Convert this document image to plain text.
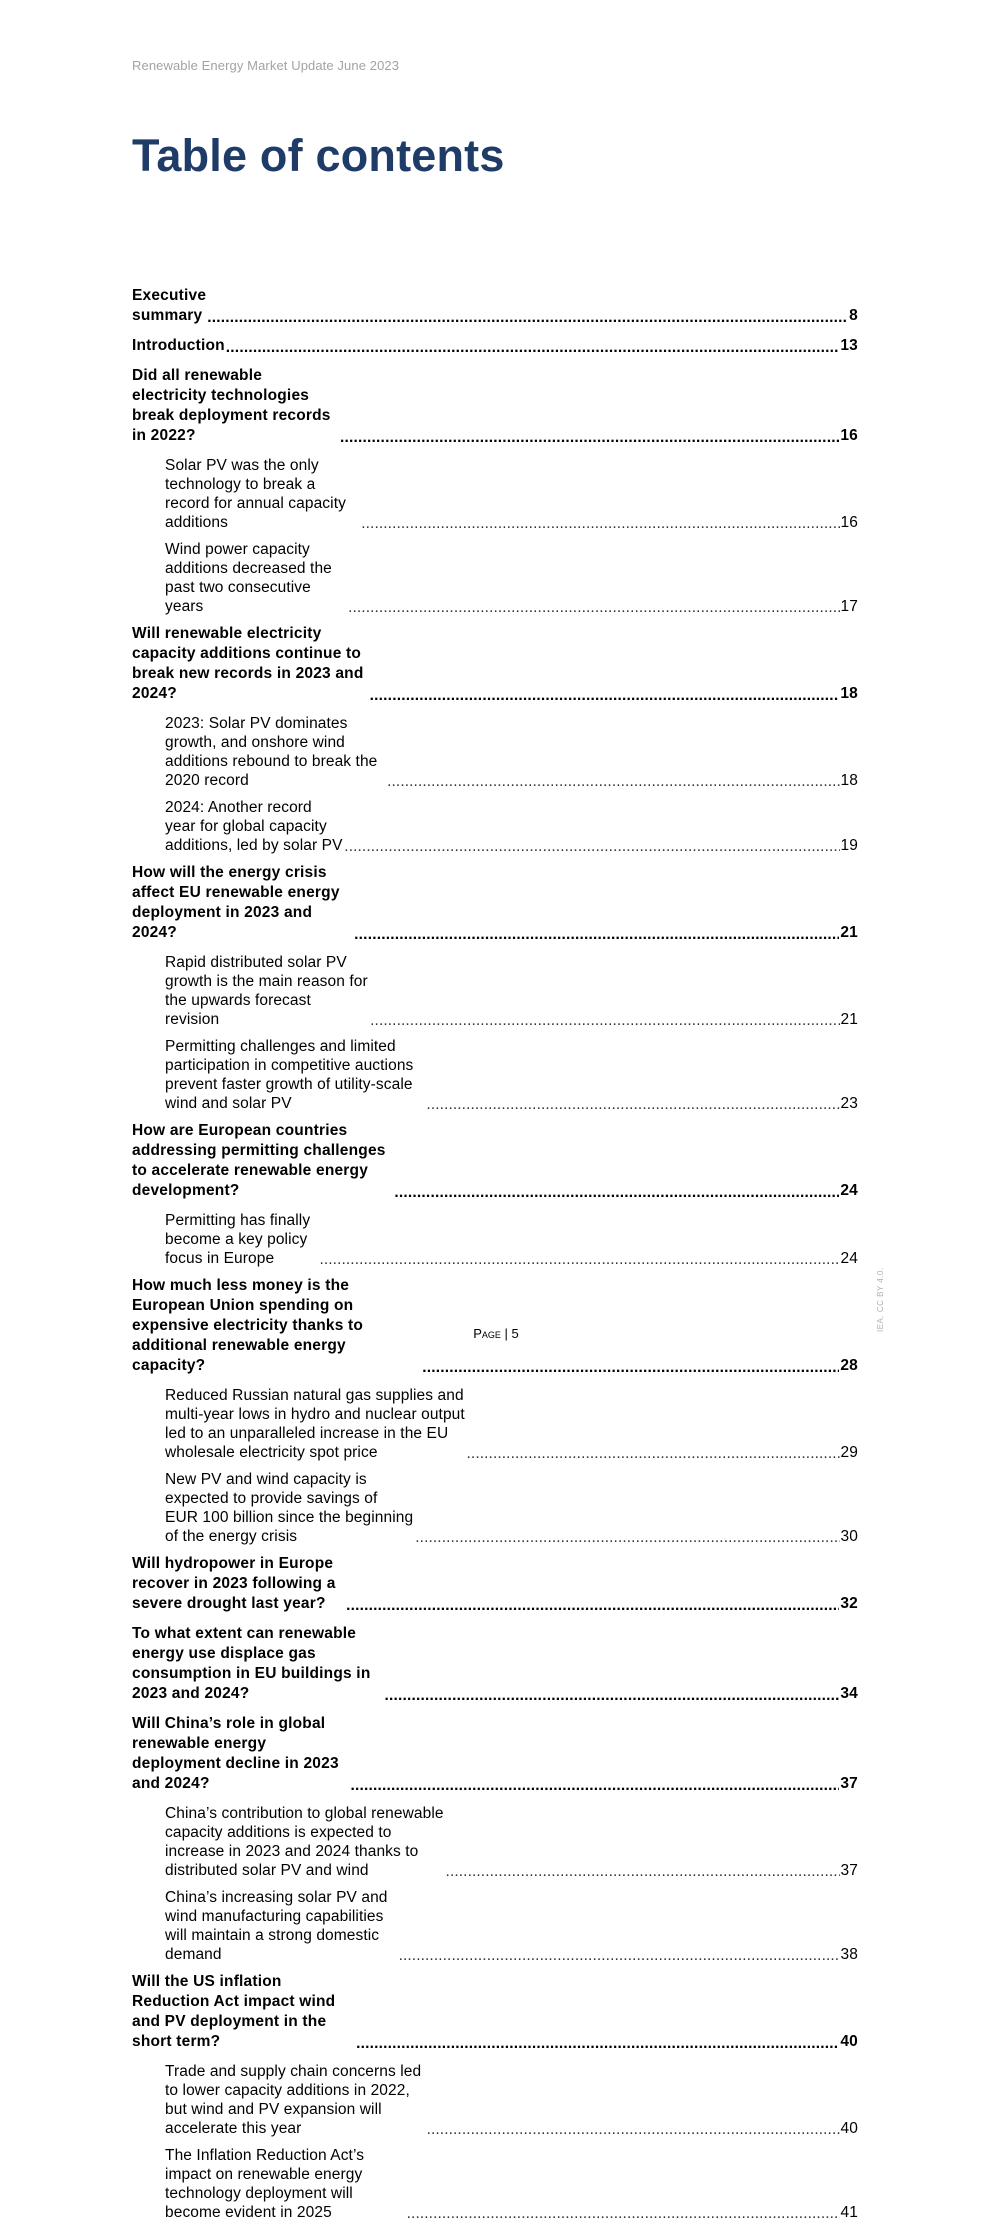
Renewable Energy Market Update June 2023
Table of contents
Executive summary .....	8
Introduction .....	13
Did all renewable electricity technologies break deployment records in 2022? .....	16
Solar PV was the only technology to break a record for annual capacity additions .....	16
Wind power capacity additions decreased the past two consecutive years .....	17
Will renewable electricity capacity additions continue to break new records in 2023 and 2024? .....	18
2023: Solar PV dominates growth, and onshore wind additions rebound to break the 2020 record .....	18
2024: Another record year for global capacity additions, led by solar PV .....	19
How will the energy crisis affect EU renewable energy deployment in 2023 and 2024? .....	21
Rapid distributed solar PV growth is the main reason for the upwards forecast revision .....	21
Permitting challenges and limited participation in competitive auctions prevent faster growth of utility-scale wind and solar PV .....	23
How are European countries addressing permitting challenges to accelerate renewable energy development? .....	24
Permitting has finally become a key policy focus in Europe .....	24
How much less money is the European Union spending on expensive electricity thanks to additional renewable energy capacity? .....	28
Reduced Russian natural gas supplies and multi-year lows in hydro and nuclear output led to an unparalleled increase in the EU wholesale electricity spot price .....	29
New PV and wind capacity is expected to provide savings of EUR 100 billion since the beginning of the energy crisis .....	30
Will hydropower in Europe recover in 2023 following a severe drought last year? .....	32
To what extent can renewable energy use displace gas consumption in EU buildings in 2023 and 2024? .....	34
Will China’s role in global renewable energy deployment decline in 2023 and 2024? .....	37
China’s contribution to global renewable capacity additions is expected to increase in 2023 and 2024 thanks to distributed solar PV and wind .....	37
China’s increasing solar PV and wind manufacturing capabilities will maintain a strong domestic demand .....	38
Will the US inflation Reduction Act impact wind and PV deployment in the short term? .....	40
Trade and supply chain concerns led to lower capacity additions in 2022, but wind and PV expansion will accelerate this year .....	40
The Inflation Reduction Act’s impact on renewable energy technology deployment will become evident in 2025 .....	41
Page | 5
IEA. CC BY 4.0.
